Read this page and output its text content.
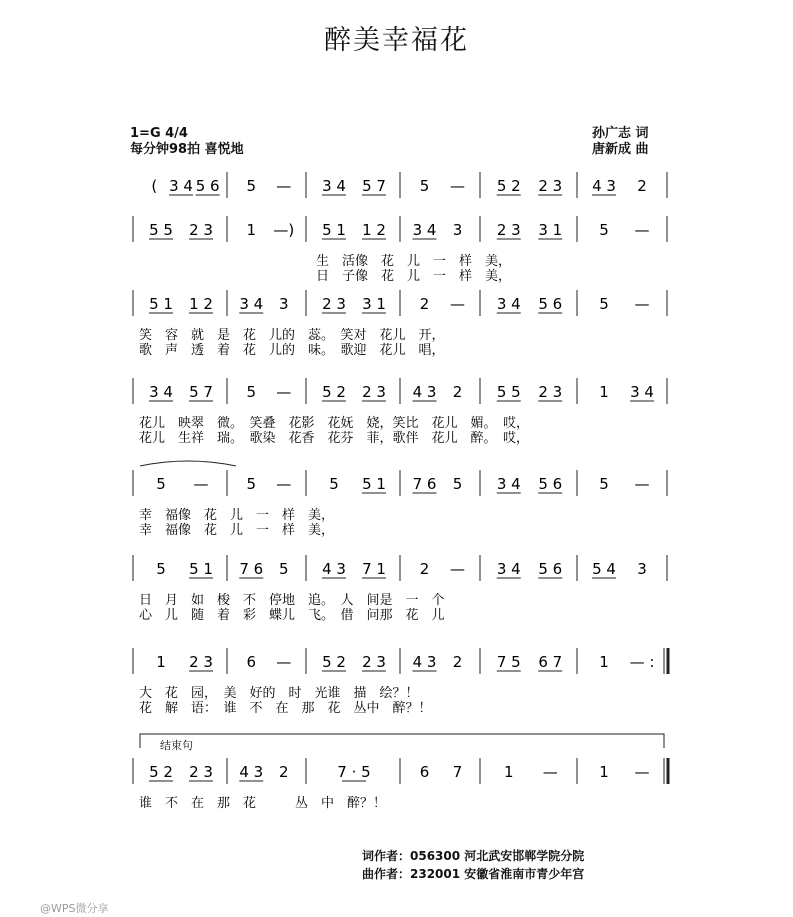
醉美幸福花
1=G 4/4
每分钟98拍 喜悦地
孙广志 词
唐新成 曲
( 3 4 5 6 5 — 3 4 5 7 5 — 5 2 2 3 4 3 2
5 5 2 3 1 —) 5 1 1 2 3 4 3 2 3 3 1 5 —
生　活像　花　儿　一　样　美，
日　子像　花　儿　一　样　美，
5 1 1 2 3 4 3 2 3 3 1 2 — 3 4 5 6 5 —
笑　容　就　是　花　儿的　蕊。　笑对　花儿　开，
歌　声　透　着　花　儿的　味。　歌迎　花儿　唱，
3 4 5 7 5 — 5 2 2 3 4 3 2 5 5 2 3 1 3 4
花儿　映翠　微。　笑叠　花影　花妩　娆，笑比　花儿　媚。　哎，
花儿　生祥　瑞。　歌染　花香　花芬　菲，歌伴　花儿　醉。　哎，
5 —	5 —	5 5 1 7 6 5 3 4 5 6 5 —
幸　福像　花　儿　一　样　美，
幸　福像　花　儿　一　样　美，
5 5 1 7 6 5 4 3 7 1 2 — 3 4 5 6 5 4 3
日　月　如　梭　不　停地　追。　人　间是　一　个
心　儿　随　着　彩　蝶儿　飞。　借　问那　花　儿
1 2 3 6 — 5 2 2 3 4 3 2 7 5 6 7 1 — :
大　花　园，　美　好的　时　光谁　描　绘？！
花　解　语：　谁　不　在　那　花　丛中　醉？！
5 2 2 3 4 3 2	7 · 5	6 7	1 —	1 —
谁　不　在　那　花　　　丛　中　醉？！
结束句
词作者：056300 河北武安邯郸学院分院
曲作者：232001 安徽省淮南市青少年宫
@WPS微分享
